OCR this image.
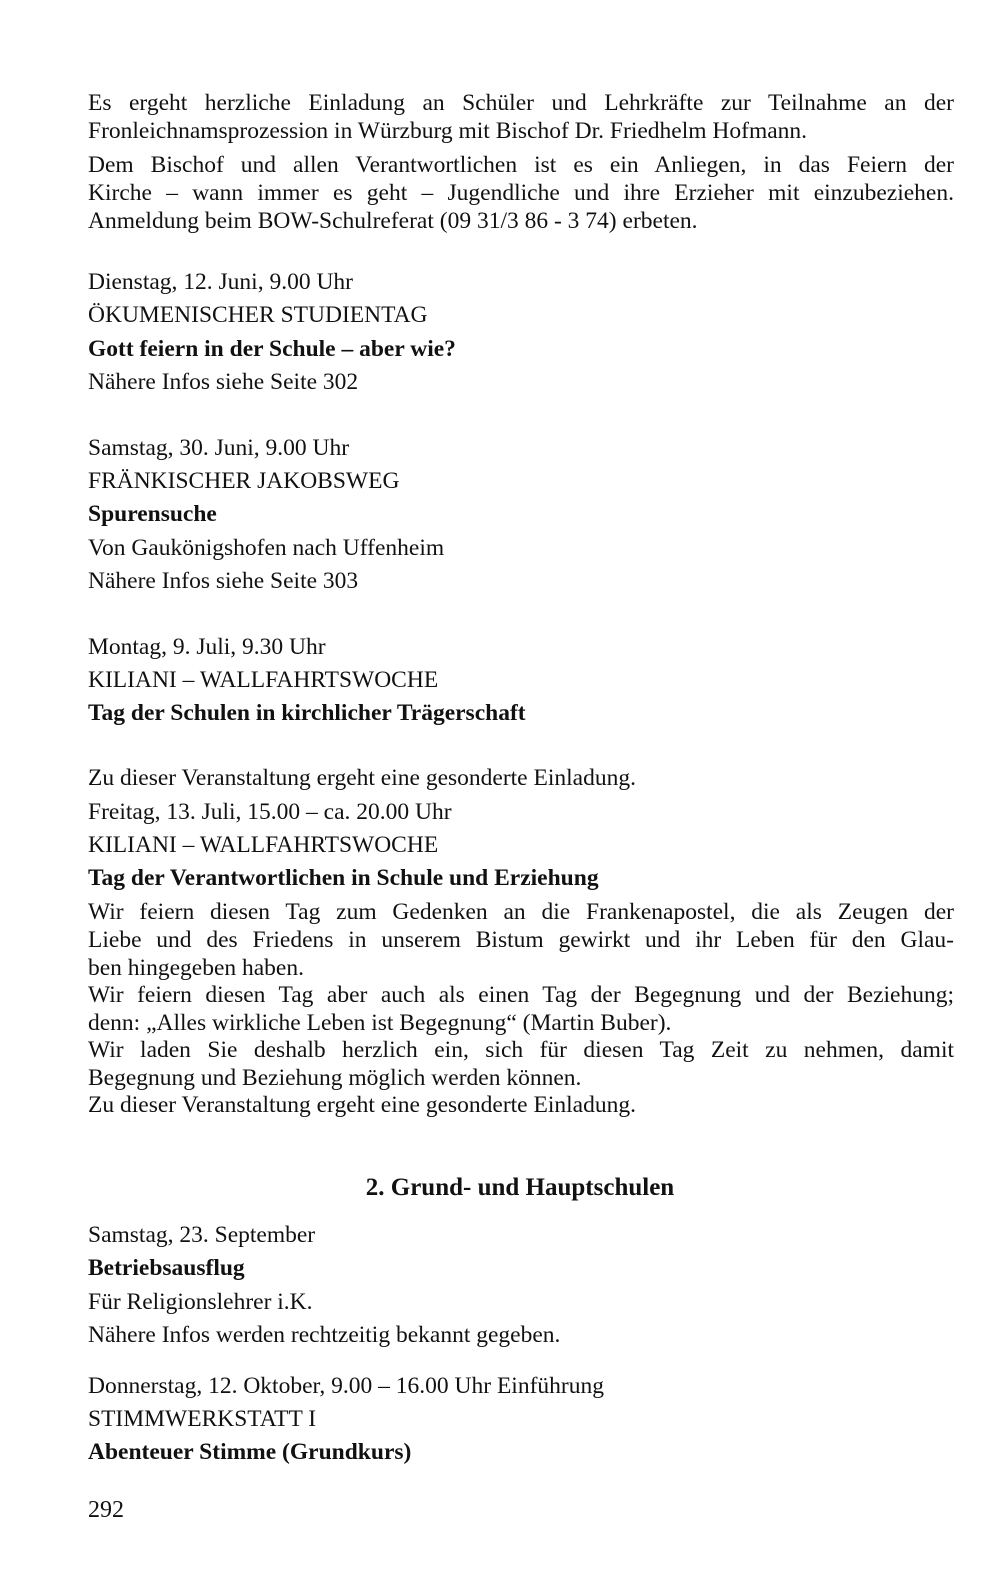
Es ergeht herzliche Einladung an Schüler und Lehrkräfte zur Teilnahme an der
Fronleichnamsprozession in Würzburg mit Bischof Dr. Friedhelm Hofmann.
Dem Bischof und allen Verantwortlichen ist es ein Anliegen, in das Feiern der
Kirche – wann immer es geht – Jugendliche und ihre Erzieher mit einzubeziehen.
Anmeldung beim BOW-Schulreferat (09 31/3 86 - 3 74) erbeten.
Dienstag, 12. Juni, 9.00 Uhr
ÖKUMENISCHER STUDIENTAG
Gott feiern in der Schule – aber wie?
Nähere Infos siehe Seite 302
Samstag, 30. Juni, 9.00 Uhr
FRÄNKISCHER JAKOBSWEG
Spurensuche
Von Gaukönigshofen nach Uffenheim
Nähere Infos siehe Seite 303
Montag, 9. Juli, 9.30 Uhr
KILIANI – WALLFAHRTSWOCHE
Tag der Schulen in kirchlicher Trägerschaft
Zu dieser Veranstaltung ergeht eine gesonderte Einladung.
Freitag, 13. Juli, 15.00 – ca. 20.00 Uhr
KILIANI – WALLFAHRTSWOCHE
Tag der Verantwortlichen in Schule und Erziehung
Wir feiern diesen Tag zum Gedenken an die Frankenapostel, die als Zeugen der
Liebe und des Friedens in unserem Bistum gewirkt und ihr Leben für den Glau-
ben hingegeben haben.
Wir feiern diesen Tag aber auch als einen Tag der Begegnung und der Beziehung;
denn: „Alles wirkliche Leben ist Begegnung“ (Martin Buber).
Wir laden Sie deshalb herzlich ein, sich für diesen Tag Zeit zu nehmen, damit
Begegnung und Beziehung möglich werden können.
Zu dieser Veranstaltung ergeht eine gesonderte Einladung.
2. Grund- und Hauptschulen
Samstag, 23. September
Betriebsausflug
Für Religionslehrer i.K.
Nähere Infos werden rechtzeitig bekannt gegeben.
Donnerstag, 12. Oktober, 9.00 – 16.00 Uhr Einführung
STIMMWERKSTATT I
Abenteuer Stimme (Grundkurs)
292
